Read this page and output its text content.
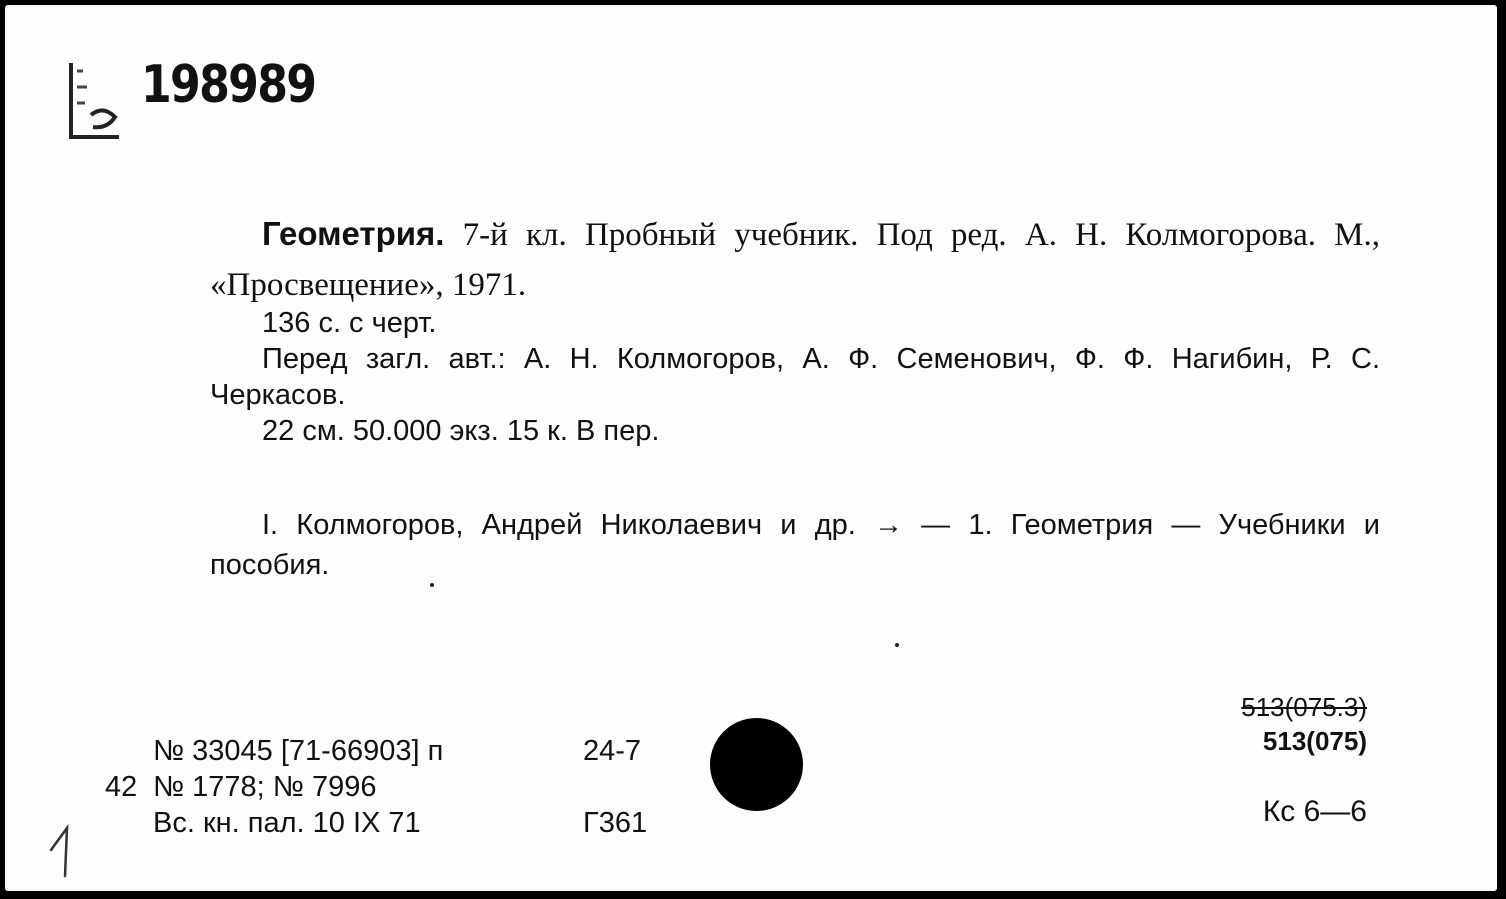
198989
Геометрия. 7-й кл. Пробный учебник. Под ред. А. Н. Колмогорова. М., «Просвещение», 1971.
136 с. с черт.
Перед загл. авт.: А. Н. Колмогоров, А. Ф. Семенович, Ф. Ф. Нагибин, Р. С. Черкасов.
22 см. 50.000 экз. 15 к. В пер.
I. Колмогоров, Андрей Николаевич и др. → — 1. Геометрия — Учебники и пособия.
513(075.3)
513(075)
Кс 6—6
№ 33045 [71-66903] п	24-7
42 № 1778; № 7996
Вс. кн. пал. 10 IX 71	Г361
